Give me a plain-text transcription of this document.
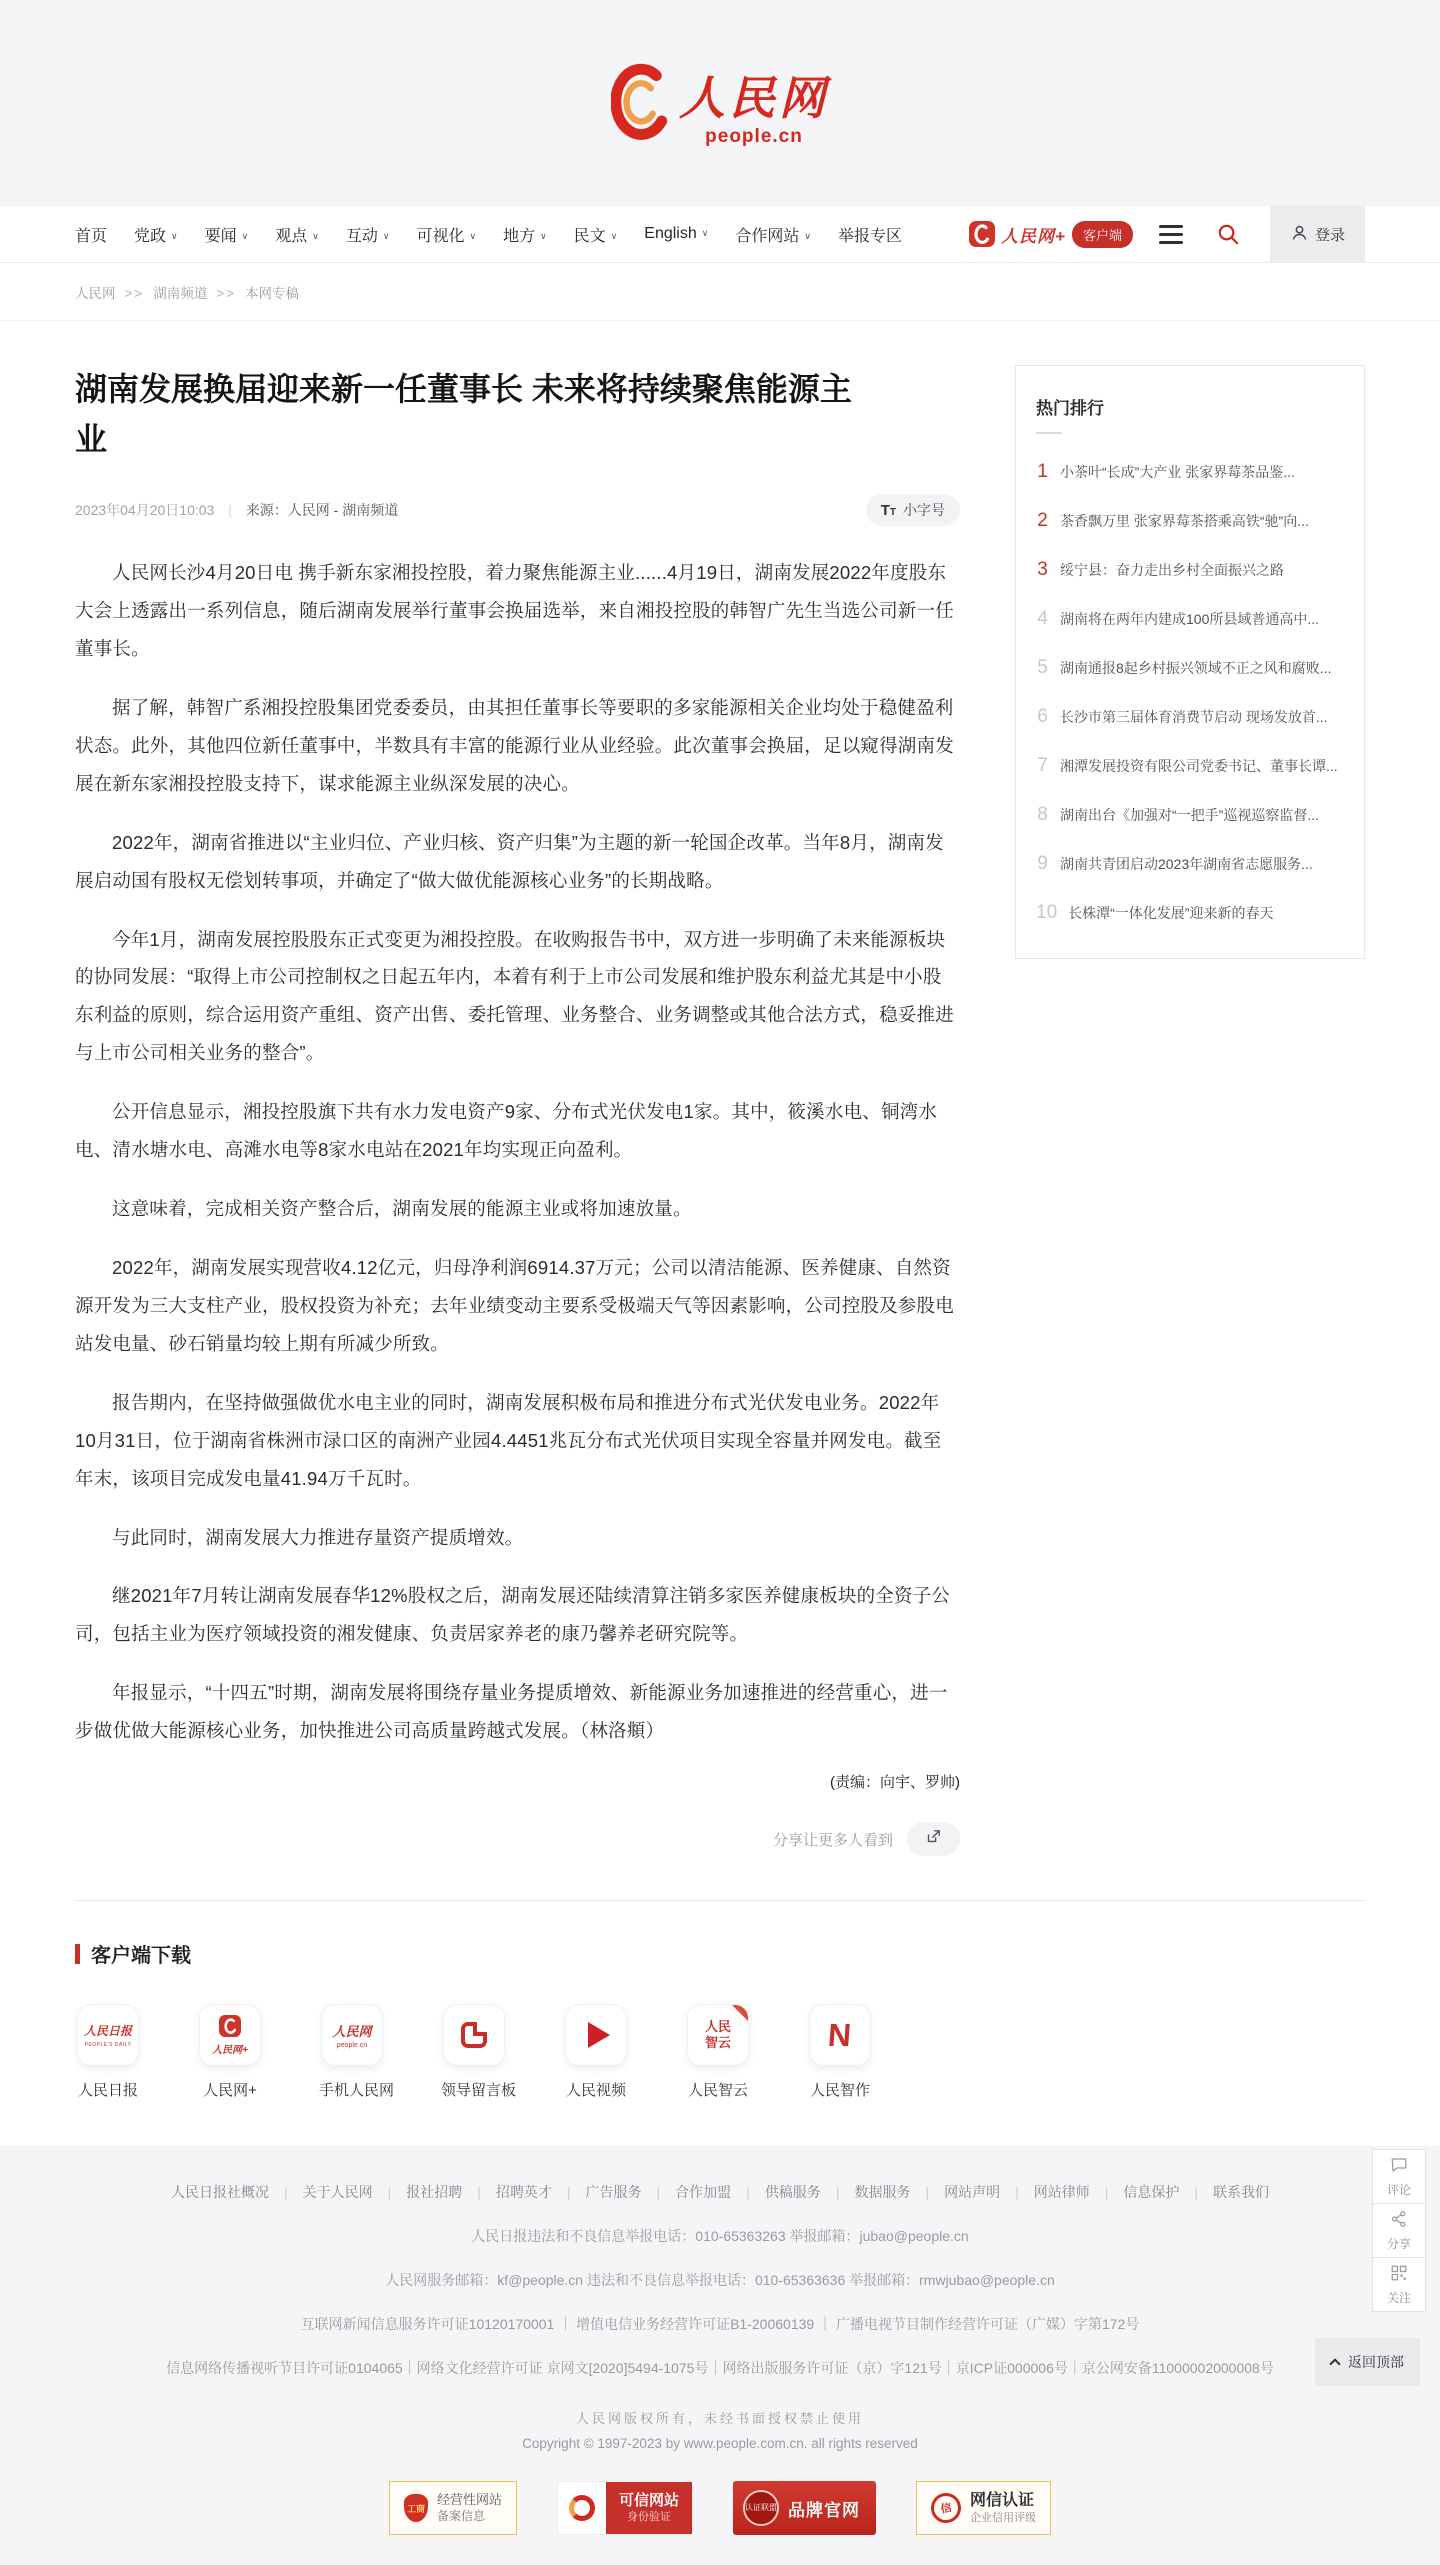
人民网
people.cn
首页 党政 ∨	要闻 ∨	观点 ∨	互动 ∨	可视化 ∨	地方 ∨	民文 ∨	English ∨	合作网站 ∨	举报专区	人民网+	客户端	登录
人民网	>> 湖南频道	>> 本网专稿
湖南发展换届迎来新一任董事长 未来将持续聚焦能源主业
2023年04月20日10:03 | 来源：人民网 - 湖南频道 T T	小字号

人民网长沙4月20日电 携手新东家湘投控股，着力聚焦能源主业......4月19日，湖南发展2022年度股东大会上透露出一系列信息，随后湖南发展举行董事会换届选举，来自湘投控股的韩智广先生当选公司新一任董事长。

据了解，韩智广系湘投控股集团党委委员，由其担任董事长等要职的多家能源相关企业均处于稳健盈利状态。此外，其他四位新任董事中，半数具有丰富的能源行业从业经验。此次董事会换届，足以窥得湖南发展在新东家湘投控股支持下，谋求能源主业纵深发展的决心。

2022年，湖南省推进以“主业归位、产业归核、资产归集”为主题的新一轮国企改革。当年8月，湖南发展启动国有股权无偿划转事项，并确定了“做大做优能源核心业务”的长期战略。

今年1月，湖南发展控股股东正式变更为湘投控股。在收购报告书中，双方进一步明确了未来能源板块的协同发展：“取得上市公司控制权之日起五年内，本着有利于上市公司发展和维护股东利益尤其是中小股东利益的原则，综合运用资产重组、资产出售、委托管理、业务整合、业务调整或其他合法方式，稳妥推进与上市公司相关业务的整合”。

公开信息显示，湘投控股旗下共有水力发电资产9家、分布式光伏发电1家。其中，筱溪水电、铜湾水电、清水塘水电、高滩水电等8家水电站在2021年均实现正向盈利。

这意味着，完成相关资产整合后，湖南发展的能源主业或将加速放量。

2022年，湖南发展实现营收4.12亿元，归母净利润6914.37万元；公司以清洁能源、医养健康、自然资源开发为三大支柱产业，股权投资为补充；去年业绩变动主要系受极端天气等因素影响，公司控股及参股电站发电量、砂石销量均较上期有所减少所致。

报告期内，在坚持做强做优水电主业的同时，湖南发展积极布局和推进分布式光伏发电业务。2022年10月31日，位于湖南省株洲市渌口区的南洲产业园4.4451兆瓦分布式光伏项目实现全容量并网发电。截至年末，该项目完成发电量41.94万千瓦时。

与此同时，湖南发展大力推进存量资产提质增效。

继2021年7月转让湖南发展春华12%股权之后，湖南发展还陆续清算注销多家医养健康板块的全资子公司，包括主业为医疗领域投资的湘发健康、负责居家养老的康乃馨养老研究院等。

年报显示，“十四五”时期，湖南发展将围绕存量业务提质增效、新能源业务加速推进的经营重心，进一步做优做大能源核心业务，加快推进公司高质量跨越式发展。（林洛頫）

(责编：向宇、罗帅)
分享让更多人看到
热门排行
1 小茶叶“长成”大产业 张家界莓茶品鉴...
2 茶香飘万里 张家界莓茶搭乘高铁“驰”向...
3 绥宁县：奋力走出乡村全面振兴之路
4 湖南将在两年内建成100所县域普通高中...
5 湖南通报8起乡村振兴领域不正之风和腐败...
6 长沙市第三届体育消费节启动 现场发放首...
7 湘潭发展投资有限公司党委书记、董事长谭...
8 湖南出台《加强对“一把手”巡视巡察监督...
9 湖南共青团启动2023年湖南省志愿服务...
10 长株潭“一体化发展”迎来新的春天
客户端下载
人民日报 PEOPLE'S DAILY
人民日报
人民网+	人民网+
人民网 people.cn	手机人民网	领导留言板	人民视频
人民 智云	人民智云
N	人民智作
人民日报社概况	| 关于人民网	| 报社招聘	| 招聘英才	| 广告服务	| 合作加盟	| 供稿服务	| 数据服务	| 网站声明	| 网站律师	| 信息保护	| 联系我们
人民日报违法和不良信息举报电话：010-65363263 举报邮箱：jubao@people.cn
人民网服务邮箱：kf@people.cn 违法和不良信息举报电话：010-65363636 举报邮箱：rmwjubao@people.cn
互联网新闻信息服务许可证10120170001 ｜ 增值电信业务经营许可证B1-20060139 ｜ 广播电视节目制作经营许可证（广媒）字第172号
信息网络传播视听节目许可证0104065｜网络文化经营许可证 京网文[2020]5494-1075号｜网络出版服务许可证（京）字121号｜京ICP证000006号｜京公网安备11000002000008号
人民网版权所有，未经书面授权禁止使用
Copyright © 1997-2023 by www.people.com.cn. all rights reserved
工商
经营性网站
备案信息
可信网站
身份验证
认证联盟 品牌官网	信
网信认证
企业信用评级
评论
分享
关注
返回顶部
